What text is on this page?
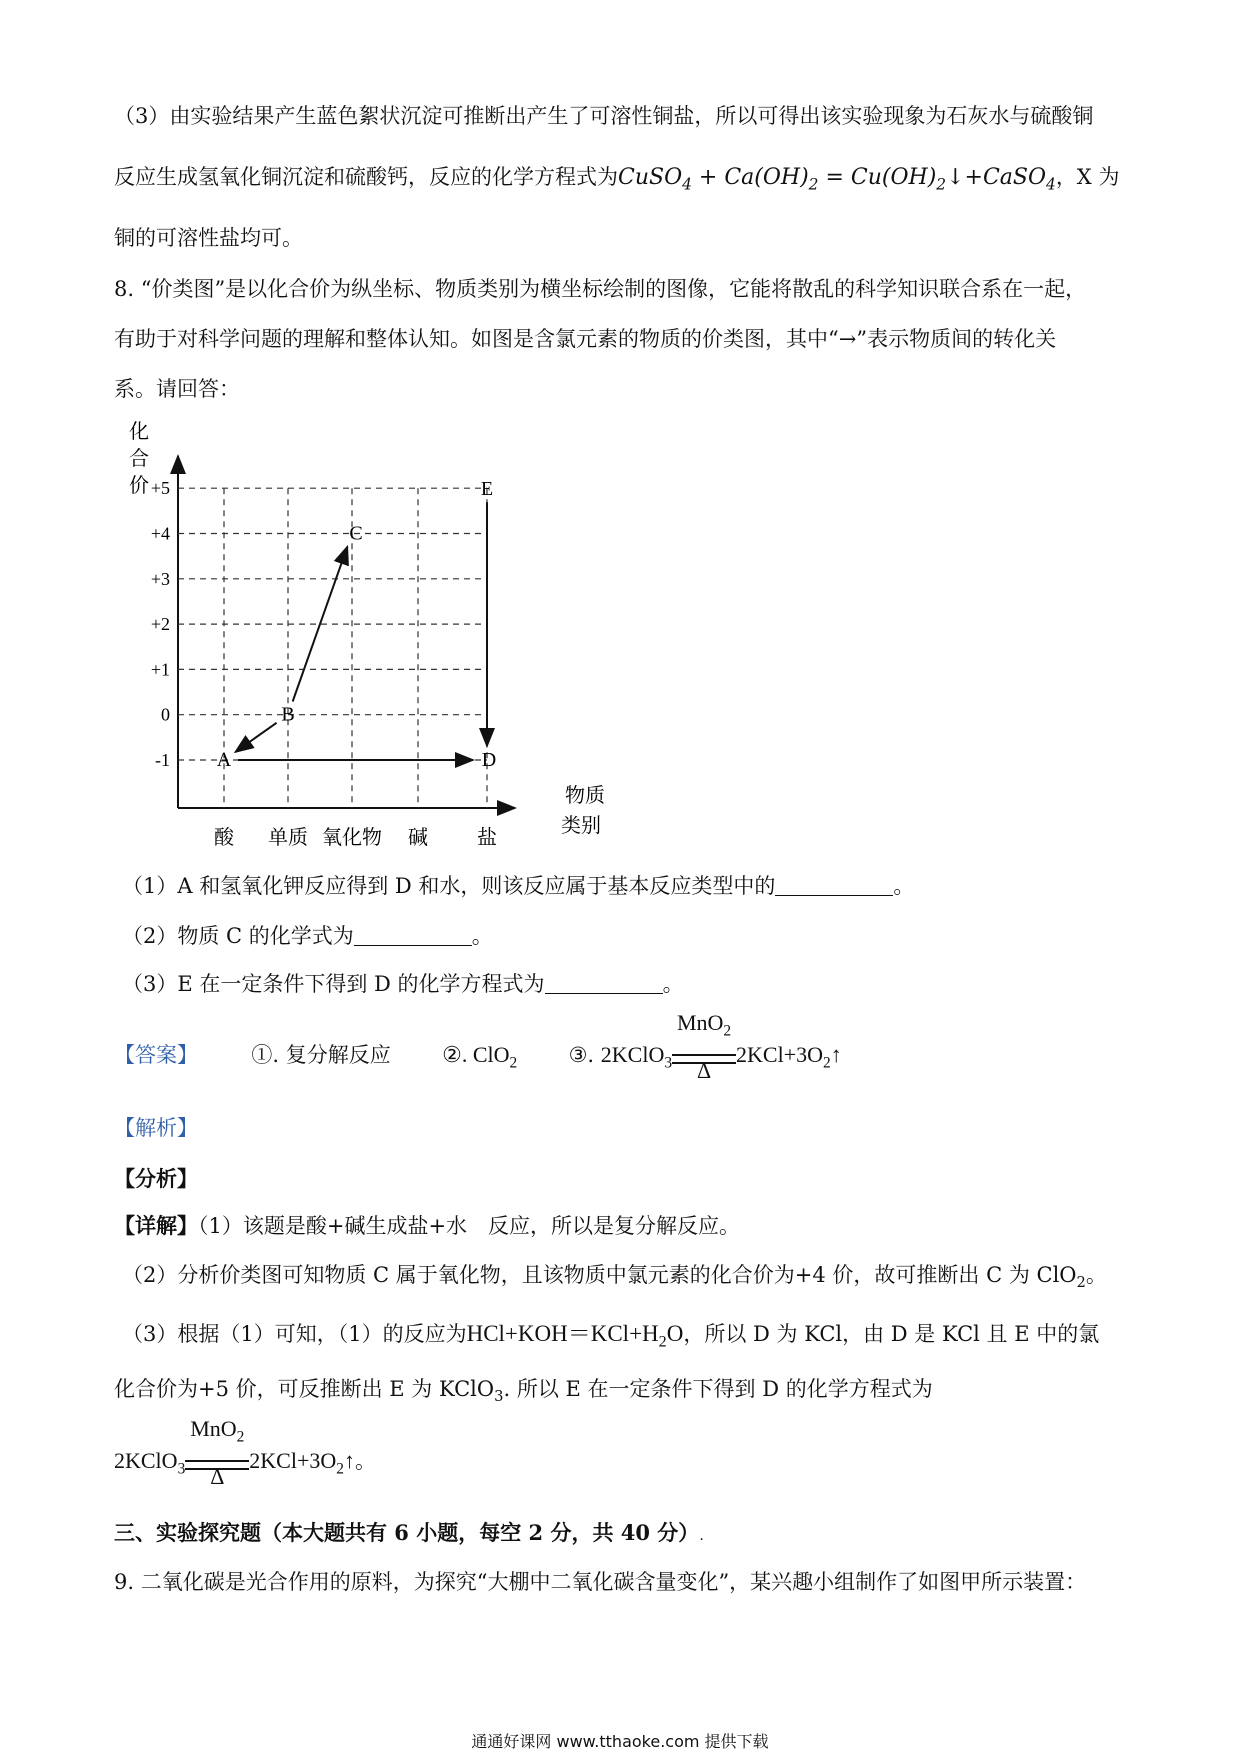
（3）由实验结果产生蓝色絮状沉淀可推断出产生了可溶性铜盐，所以可得出该实验现象为石灰水与硫酸铜
反应生成氢氧化铜沉淀和硫酸钙，反应的化学方程式为CuSO$_4$ + $Ca(OH)_2$ = $Cu(OH)_2↓+CaSO_4$，X 为
铜的可溶性盐均可。
8. “价类图”是以化合价为纵坐标、物质类别为横坐标绘制的图像，它能将散乱的科学知识联合系在一起，
有助于对科学问题的理解和整体认知。如图是含氯元素的物质的价类图，其中“→”表示物质间的转化关
系。请回答：
+5
+4
+3
+2
+1
0
-1
酸 单质 氧化物 碱 盐
化
合
价
物质
类别
A
B
C
D
E
（1）A 和氢氧化钾反应得到 D 和水，则该反应属于基本反应类型中的	。
（2）物质 C 的化学式为	。
（3）E 在一定条件下得到 D 的化学方程式为	。
【答案】	①. 复分解反应 ②. ClO$_2$ ③. 2KClO$_3$
MnO$_2$
Δ
$2KCl+3O_2↑$
【解析】
【分析】
【详解】（1）该题是酸+碱生成盐+水　反应，所以是复分解反应。
（2）分析价类图可知物质 C 属于氧化物，且该物质中氯元素的化合价为+4 价，故可推断出 C 为 ClO$_2$。
（3）根据（1）可知，（1）的反应为$HCl+KOH=KCl+H_2O$，所以 D 为 KCl，由 D 是 KCl 且 E 中的氯
化合价为+5 价，可反推断出 E 为 KClO$_3$. 所以 E 在一定条件下得到 D 的化学方程式为
2KClO$_3$
MnO$_2$
Δ
$2KCl+3O_2↑$。
三、实验探究题（本大题共有 6 小题，每空 2 分，共 40 分）.
9. 二氧化碳是光合作用的原料，为探究“大棚中二氧化碳含量变化”，某兴趣小组制作了如图甲所示装置：
通通好课网 www.tthaoke.com 提供下载
